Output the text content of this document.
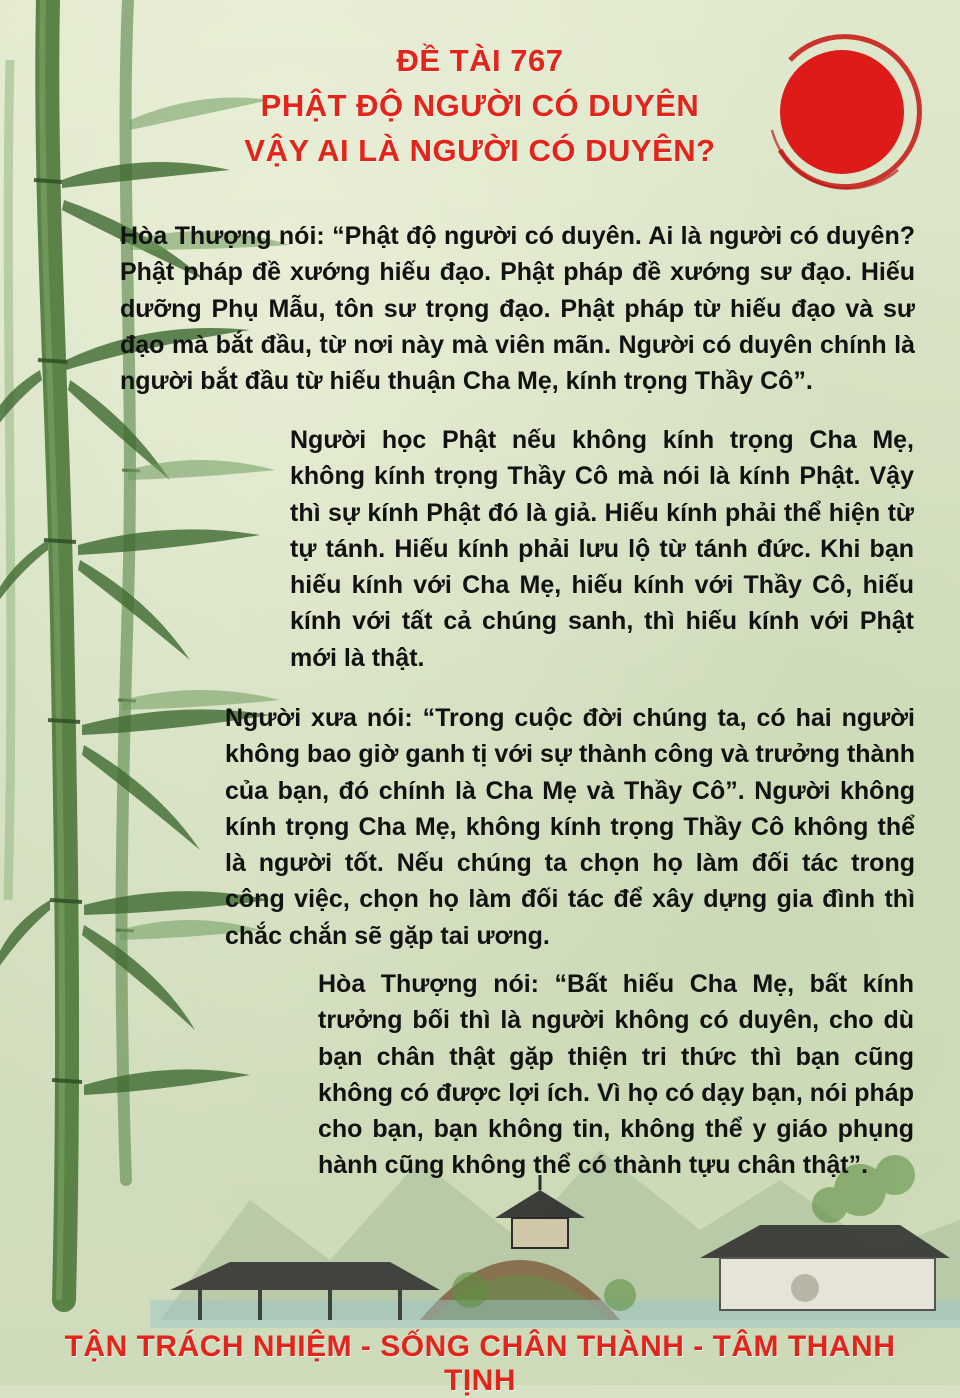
ĐỀ TÀI 767
PHẬT ĐỘ NGƯỜI CÓ DUYÊN
VẬY AI LÀ NGƯỜI CÓ DUYÊN?

Hòa Thượng nói: “Phật độ người có duyên. Ai là người có duyên? Phật pháp đề xướng hiếu đạo. Phật pháp đề xướng sư đạo. Hiếu dưỡng Phụ Mẫu, tôn sư trọng đạo. Phật pháp từ hiếu đạo và sư đạo mà bắt đầu, từ nơi này mà viên mãn. Người có duyên chính là người bắt đầu từ hiếu thuận Cha Mẹ, kính trọng Thầy Cô”.

Người học Phật nếu không kính trọng Cha Mẹ, không kính trọng Thầy Cô mà nói là kính Phật. Vậy thì sự kính Phật đó là giả. Hiếu kính phải thể hiện từ tự tánh. Hiếu kính phải lưu lộ từ tánh đức. Khi bạn hiếu kính với Cha Mẹ, hiếu kính với Thầy Cô, hiếu kính với tất cả chúng sanh, thì hiếu kính với Phật mới là thật.

Người xưa nói: “Trong cuộc đời chúng ta, có hai người không bao giờ ganh tị với sự thành công và trưởng thành của bạn, đó chính là Cha Mẹ và Thầy Cô”. Người không kính trọng Cha Mẹ, không kính trọng Thầy Cô không thể là người tốt. Nếu chúng ta chọn họ làm đối tác trong công việc, chọn họ làm đối tác để xây dựng gia đình thì chắc chắn sẽ gặp tai ương.

Hòa Thượng nói: “Bất hiếu Cha Mẹ, bất kính trưởng bối thì là người không có duyên, cho dù bạn chân thật gặp thiện tri thức thì bạn cũng không có được lợi ích. Vì họ có dạy bạn, nói pháp cho bạn, bạn không tin, không thể y giáo phụng hành cũng không thể có thành tựu chân thật”.

TẬN TRÁCH NHIỆM - SỐNG CHÂN THÀNH - TÂM THANH TỊNH
